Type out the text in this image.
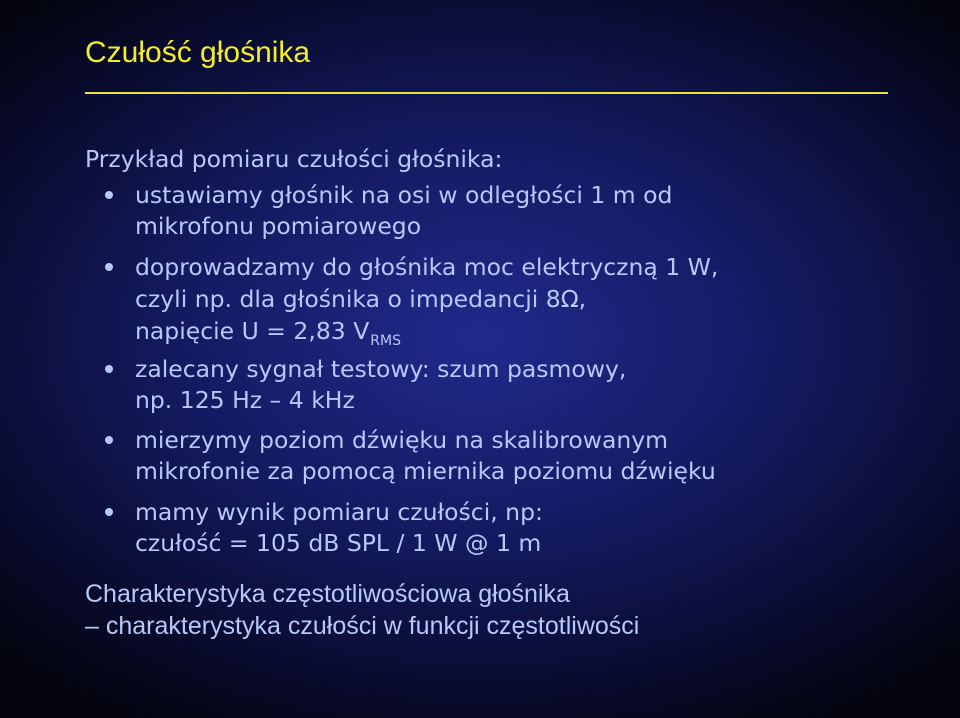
Czułość głośnika
Przykład pomiaru czułości głośnika:
ustawiamy głośnik na osi w odległości 1 m od
mikrofonu pomiarowego
doprowadzamy do głośnika moc elektryczną 1 W,
czyli np. dla głośnika o impedancji 8Ω,
napięcie U = 2,83 $V_{RMS}$
zalecany sygnał testowy: szum pasmowy,
np. 125 Hz – 4 kHz
mierzymy poziom dźwięku na skalibrowanym
mikrofonie za pomocą miernika poziomu dźwięku
mamy wynik pomiaru czułości, np:
czułość = 105 dB SPL / 1 W @ 1 m
Charakterystyka częstotliwościowa głośnika
– charakterystyka czułości w funkcji częstotliwości
